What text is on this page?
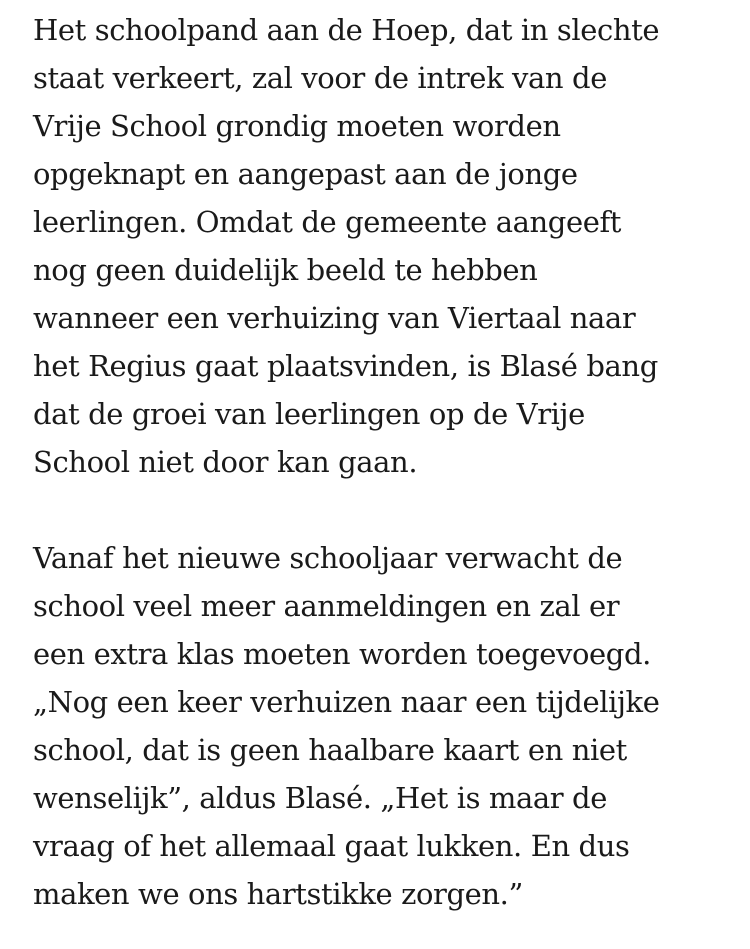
Het schoolpand aan de Hoep, dat in slechte
staat verkeert, zal voor de intrek van de
Vrije School grondig moeten worden
opgeknapt en aangepast aan de jonge
leerlingen. Omdat de gemeente aangeeft
nog geen duidelijk beeld te hebben
wanneer een verhuizing van Viertaal naar
het Regius gaat plaatsvinden, is Blasé bang
dat de groei van leerlingen op de Vrije
School niet door kan gaan.

Vanaf het nieuwe schooljaar verwacht de
school veel meer aanmeldingen en zal er
een extra klas moeten worden toegevoegd.
„Nog een keer verhuizen naar een tijdelijke
school, dat is geen haalbare kaart en niet
wenselijk”, aldus Blasé. „Het is maar de
vraag of het allemaal gaat lukken. En dus
maken we ons hartstikke zorgen.”
